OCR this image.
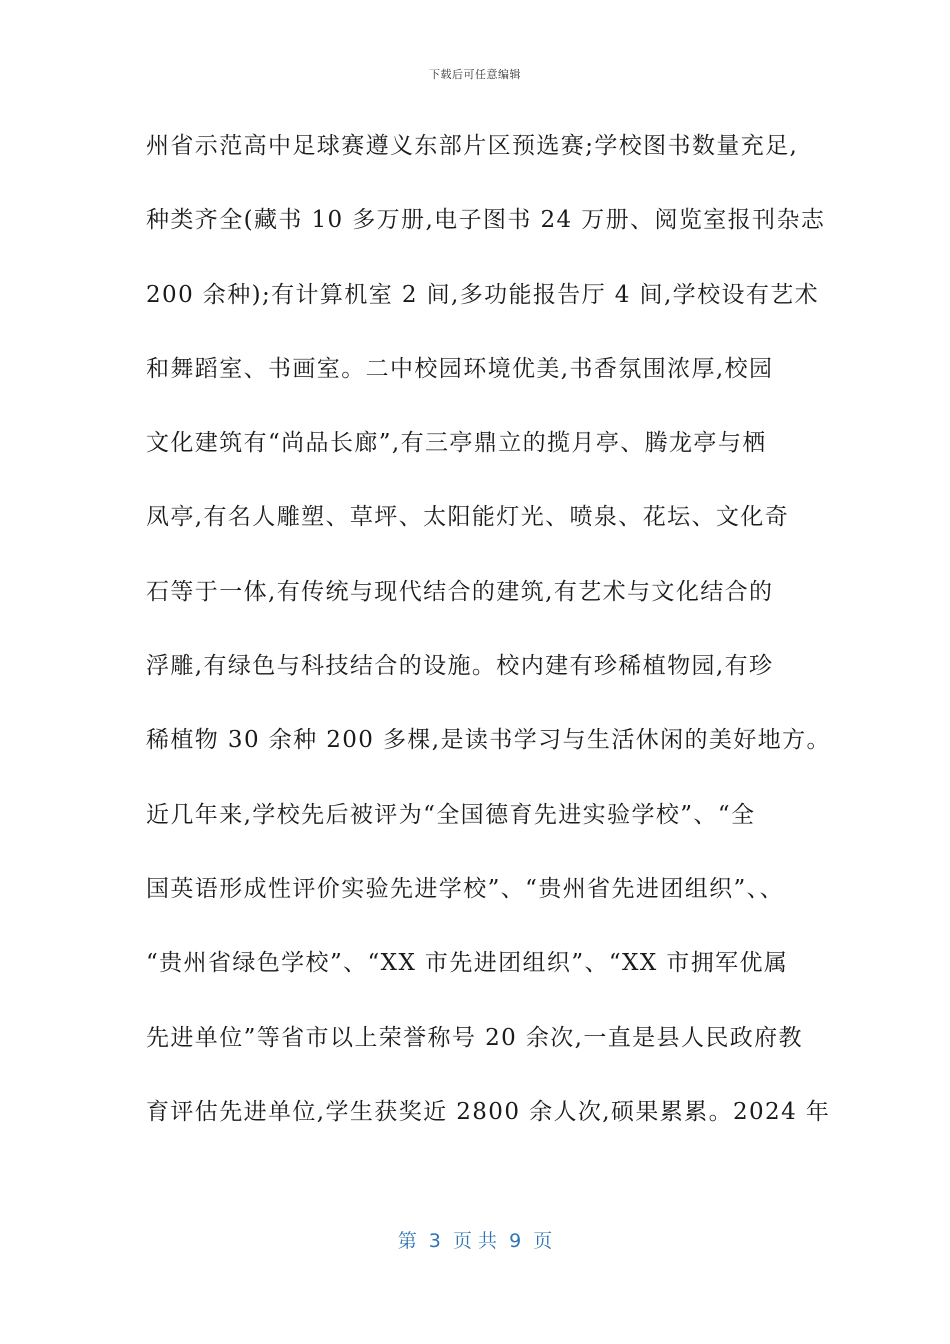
下载后可任意编辑
州省示范高中足球赛遵义东部片区预选赛;学校图书数量充足,
种类齐全(藏书 10 多万册,电子图书 24 万册、阅览室报刊杂志
200 余种);有计算机室 2 间,多功能报告厅 4 间,学校设有艺术
和舞蹈室、书画室。二中校园环境优美,书香氛围浓厚,校园
文化建筑有“尚品长廊”,有三亭鼎立的揽月亭、腾龙亭与栖
凤亭,有名人雕塑、草坪、太阳能灯光、喷泉、花坛、文化奇
石等于一体,有传统与现代结合的建筑,有艺术与文化结合的
浮雕,有绿色与科技结合的设施。校内建有珍稀植物园,有珍
稀植物 30 余种 200 多棵,是读书学习与生活休闲的美好地方。
近几年来,学校先后被评为“全国德育先进实验学校”、“全
国英语形成性评价实验先进学校”、“贵州省先进团组织”、、
“贵州省绿色学校”、“XX 市先进团组织”、“XX 市拥军优属
先进单位”等省市以上荣誉称号 20 余次,一直是县人民政府教
育评估先进单位,学生获奖近 2800 余人次,硕果累累。2024 年
第  3  页 共  9  页
